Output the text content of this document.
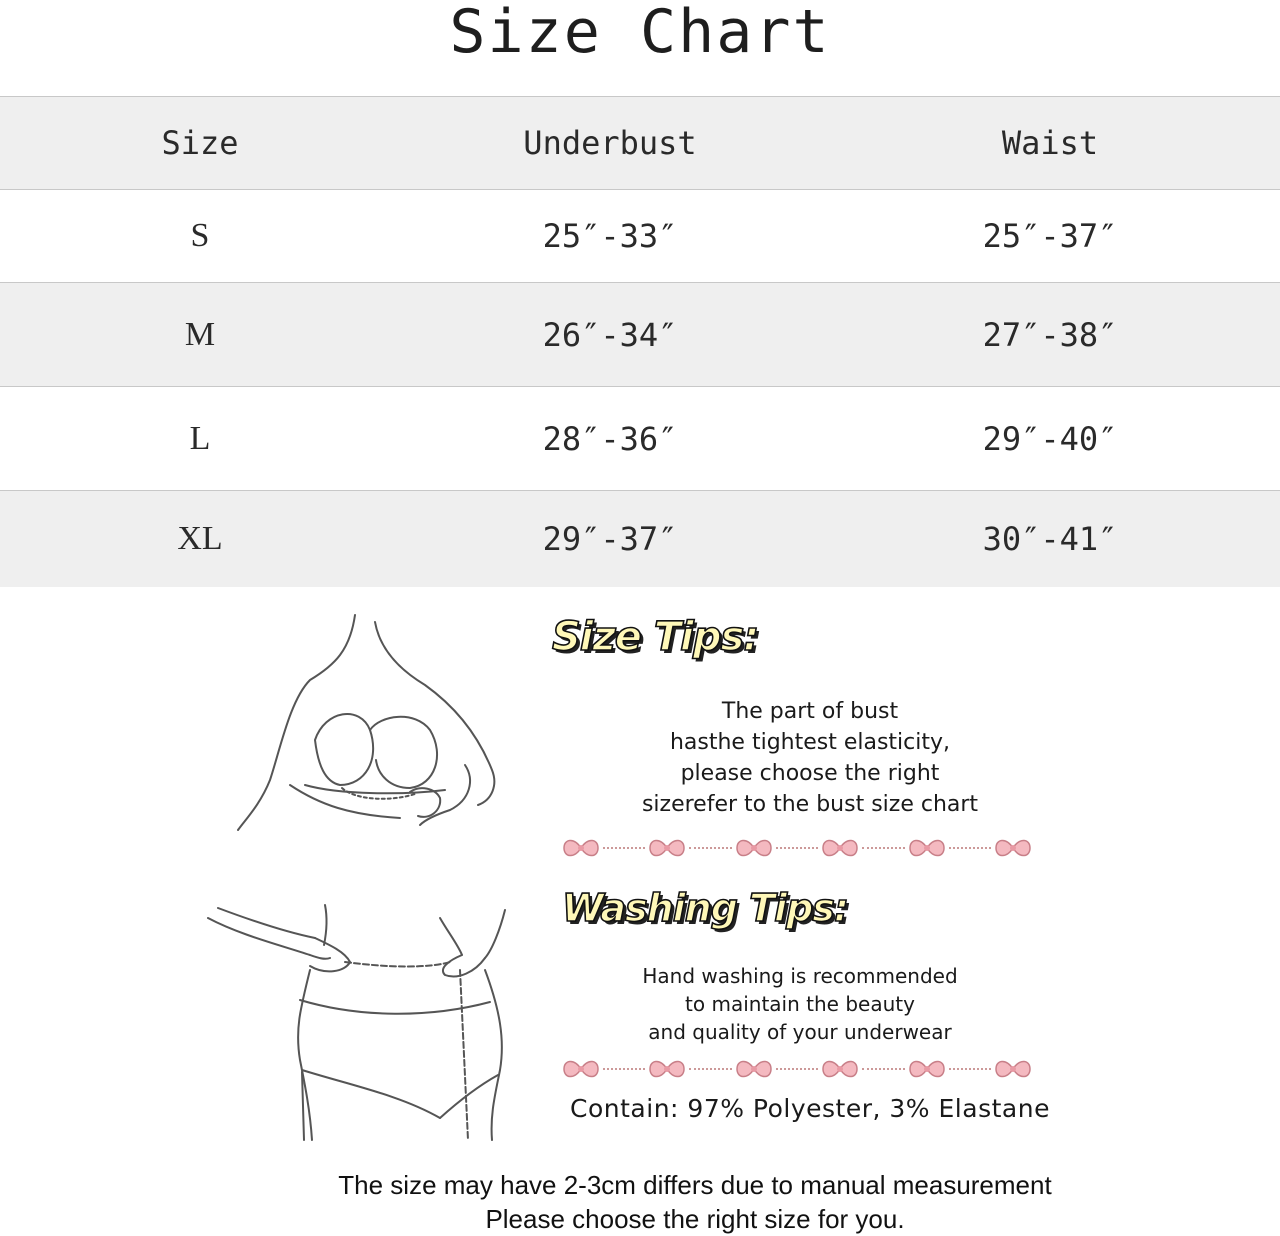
Size Chart
Size	Underbust	Waist
S	25″-33″	25″-37″
M	26″-34″	27″-38″
L	28″-36″	29″-40″
XL	29″-37″	30″-41″
Size Tips:
The part of bust
hasthe tightest elasticity,
please choose the right
sizerefer to the bust size chart
Washing Tips:
Hand washing is recommended
to maintain the beauty
and quality of your underwear
Contain: 97% Polyester, 3% Elastane
The size may have 2-3cm differs due to manual measurement
Please choose the right size for you.
